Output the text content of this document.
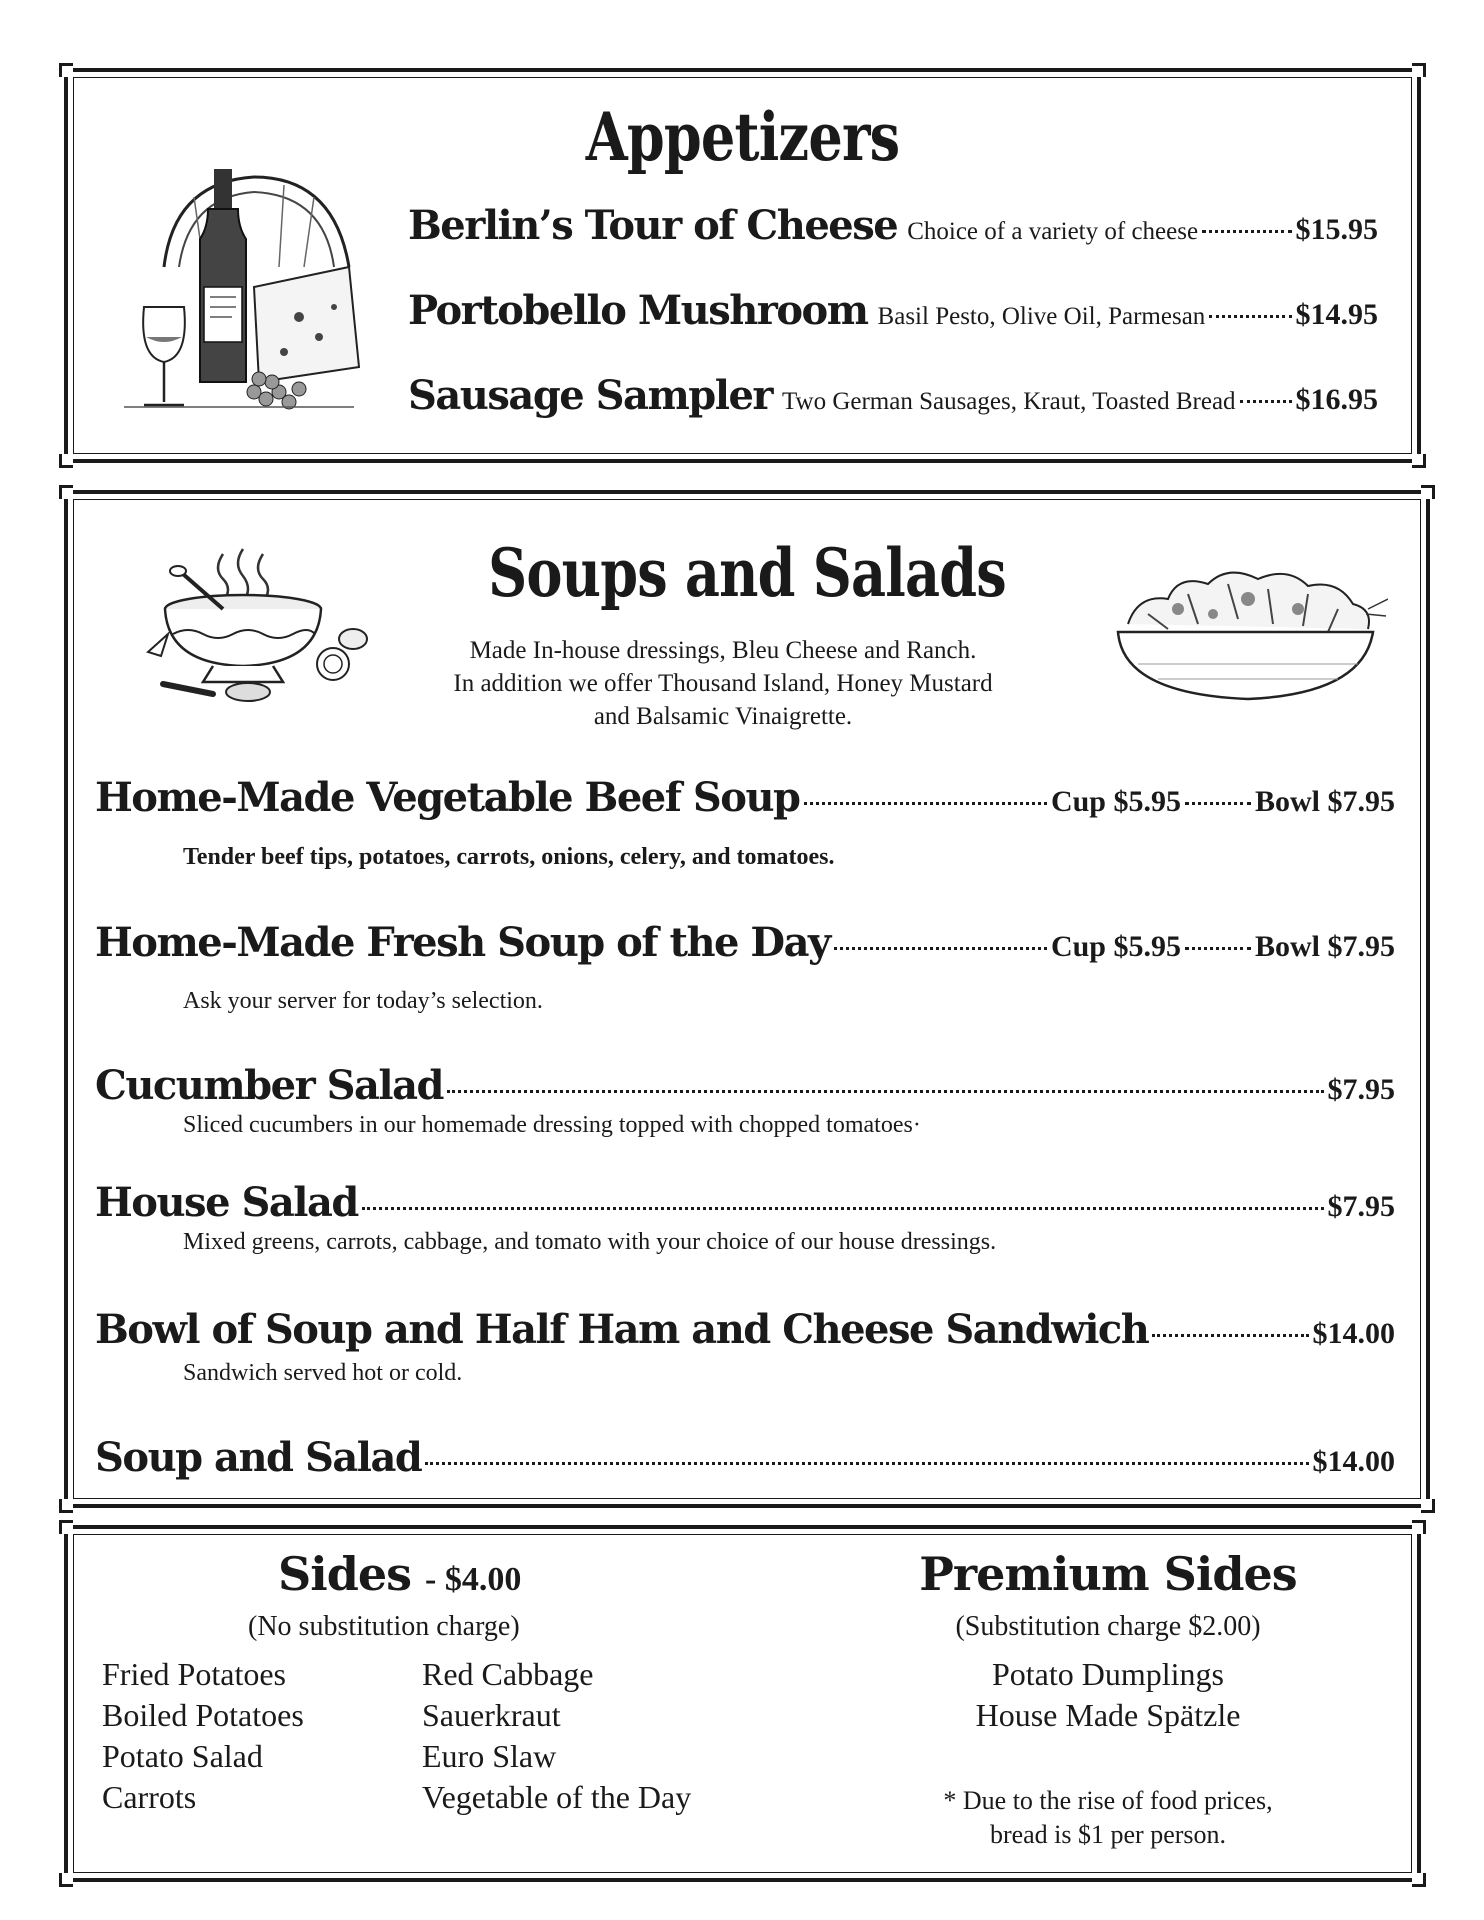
Appetizers
Berlin’s Tour of Cheese Choice of a variety of cheese	$15.95
Portobello Mushroom Basil Pesto, Olive Oil, Parmesan	$14.95
Sausage Sampler Two German Sausages, Kraut, Toasted Bread $16.95
Soups and Salads
Made In-house dressings, Bleu Cheese and Ranch.
In addition we offer Thousand Island, Honey Mustard
and Balsamic Vinaigrette.
Home-Made Vegetable Beef Soup	Cup $5.95 Bowl $7.95
Tender beef tips, potatoes, carrots, onions, celery, and tomatoes.
Home-Made Fresh Soup of the Day	Cup $5.95 Bowl $7.95
Ask your server for today’s selection.
Cucumber Salad	$7.95
Sliced cucumbers in our homemade dressing topped with chopped tomatoes·
House Salad	$7.95
Mixed greens, carrots, cabbage, and tomato with your choice of our house dressings.
Bowl of Soup and Half Ham and Cheese Sandwich	$14.00
Sandwich served hot or cold.
Soup and Salad	$14.00
Sides - $4.00
(No substitution charge)
Fried Potatoes
Boiled Potatoes
Potato Salad
Carrots
Red Cabbage
Sauerkraut
Euro Slaw
Vegetable of the Day
Premium Sides
(Substitution charge $2.00)
Potato Dumplings
House Made Spätzle
* Due to the rise of food prices,
bread is $1 per person.
